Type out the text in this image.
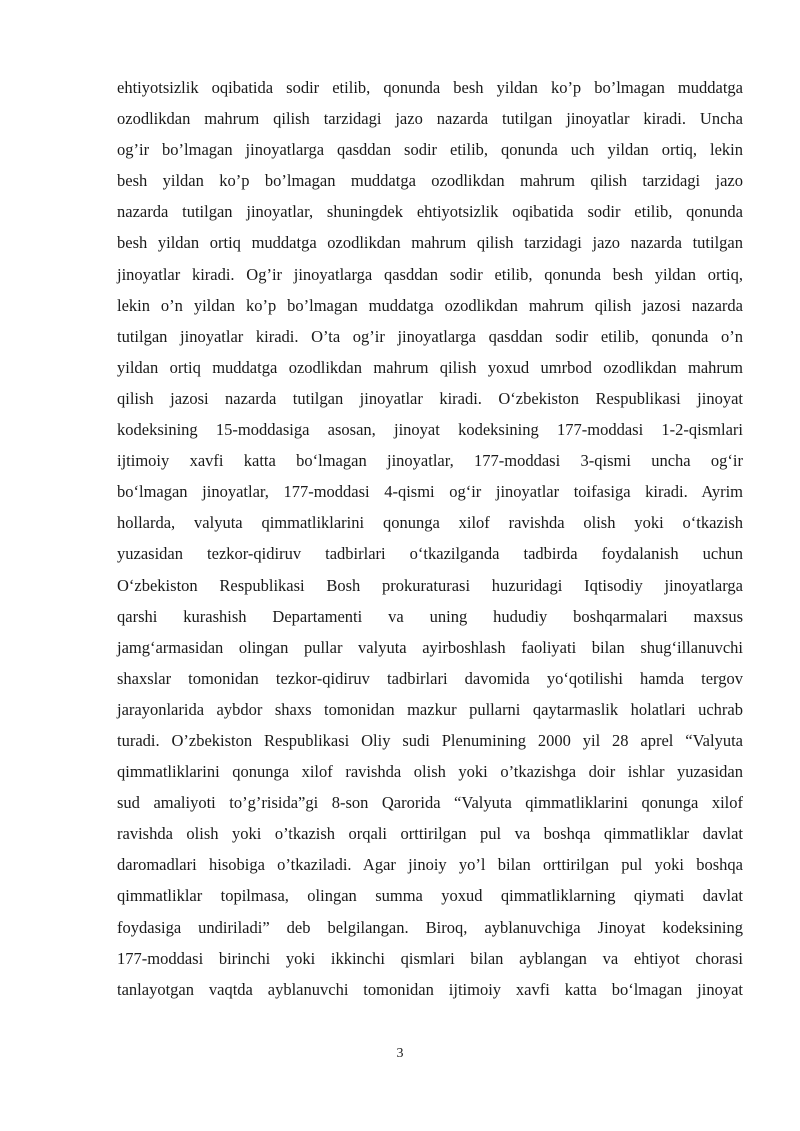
ehtiyotsizlik oqibatida sodir etilib, qonunda besh yildan ko’p bo’lmagan muddatga
ozodlikdan mahrum qilish tarzidagi jazo nazarda tutilgan jinoyatlar kiradi. Uncha
og’ir bo’lmagan jinoyatlarga qasddan sodir etilib, qonunda uch yildan ortiq, lekin
besh yildan ko’p bo’lmagan muddatga ozodlikdan mahrum qilish tarzidagi jazo
nazarda tutilgan jinoyatlar, shuningdek ehtiyotsizlik oqibatida sodir etilib, qonunda
besh yildan ortiq muddatga ozodlikdan mahrum qilish tarzidagi jazo nazarda tutilgan
jinoyatlar kiradi. Og’ir jinoyatlarga qasddan sodir etilib, qonunda besh yildan ortiq,
lekin o’n yildan ko’p bo’lmagan muddatga ozodlikdan mahrum qilish jazosi nazarda
tutilgan jinoyatlar kiradi. O’ta og’ir jinoyatlarga qasddan sodir etilib, qonunda o’n
yildan ortiq muddatga ozodlikdan mahrum qilish yoxud umrbod ozodlikdan mahrum
qilish jazosi nazarda tutilgan jinoyatlar kiradi. O‘zbekiston Respublikasi jinoyat
kodeksining 15-moddasiga asosan, jinoyat kodeksining 177-moddasi 1-2-qismlari
ijtimoiy xavfi katta bo‘lmagan jinoyatlar, 177-moddasi 3-qismi uncha og‘ir
bo‘lmagan jinoyatlar, 177-moddasi 4-qismi og‘ir jinoyatlar toifasiga kiradi. Ayrim
hollarda, valyuta qimmatliklarini qonunga xilof ravishda olish yoki o‘tkazish
yuzasidan tezkor-qidiruv tadbirlari o‘tkazilganda tadbirda foydalanish uchun
O‘zbekiston Respublikasi Bosh prokuraturasi huzuridagi Iqtisodiy jinoyatlarga
qarshi kurashish Departamenti va uning hududiy boshqarmalari maxsus
jamg‘armasidan olingan pullar valyuta ayirboshlash faoliyati bilan shug‘illanuvchi
shaxslar tomonidan tezkor-qidiruv tadbirlari davomida yo‘qotilishi hamda tergov
jarayonlarida aybdor shaxs tomonidan mazkur pullarni qaytarmaslik holatlari uchrab
turadi. O’zbekiston Respublikasi Oliy sudi Plenumining 2000 yil 28 aprel “Valyuta
qimmatliklarini qonunga xilof ravishda olish yoki o’tkazishga doir ishlar yuzasidan
sud amaliyoti to’g’risida”gi 8-son Qarorida “Valyuta qimmatliklarini qonunga xilof
ravishda olish yoki o’tkazish orqali orttirilgan pul va boshqa qimmatliklar davlat
daromadlari hisobiga o’tkaziladi. Agar jinoiy yo’l bilan orttirilgan pul yoki boshqa
qimmatliklar topilmasa, olingan summa yoxud qimmatliklarning qiymati davlat
foydasiga undiriladi” deb belgilangan. Biroq, ayblanuvchiga Jinoyat kodeksining
177-moddasi birinchi yoki ikkinchi qismlari bilan ayblangan va ehtiyot chorasi
tanlayotgan vaqtda ayblanuvchi tomonidan ijtimoiy xavfi katta bo‘lmagan jinoyat
3
